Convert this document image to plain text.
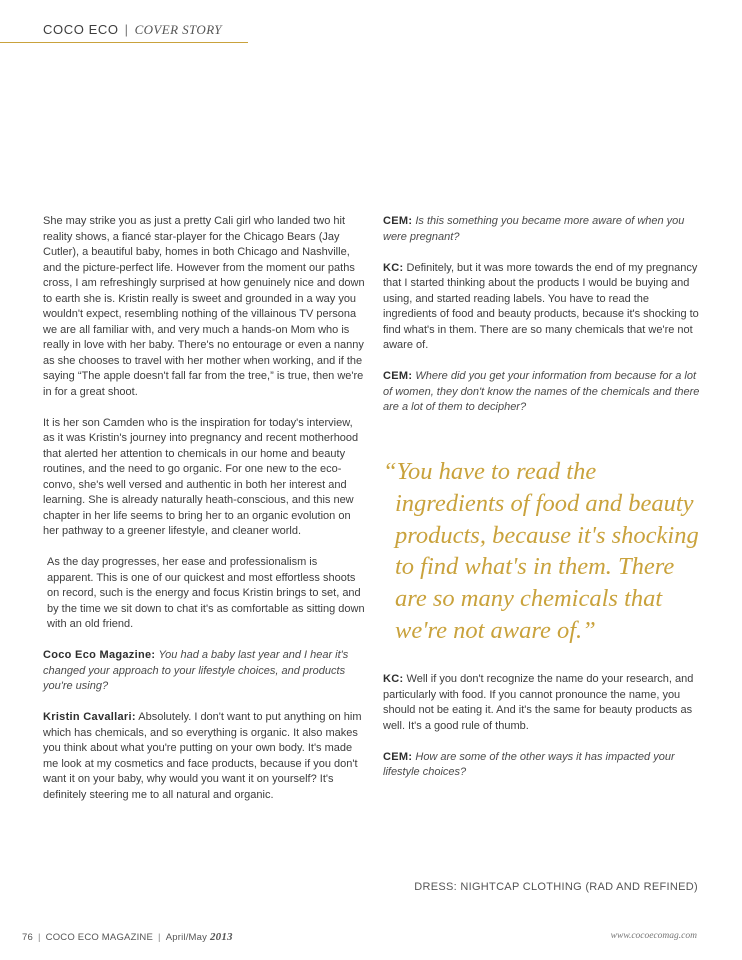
COCO ECO | COVER STORY

She may strike you as just a pretty Cali girl who landed two hit reality shows, a fiancé star-player for the Chicago Bears (Jay Cutler), a beautiful baby, homes in both Chicago and Nashville, and the picture-perfect life. However from the moment our paths cross, I am refreshingly surprised at how genuinely nice and down to earth she is. Kristin really is sweet and grounded in a way you wouldn't expect, resembling nothing of the villainous TV persona we are all familiar with, and very much a hands-on Mom who is really in love with her baby. There's no entourage or even a nanny as she chooses to travel with her mother when working, and if the saying “The apple doesn't fall far from the tree,” is true, then we're in for a great shoot.

It is her son Camden who is the inspiration for today's interview, as it was Kristin's journey into pregnancy and recent motherhood that alerted her attention to chemicals in our home and beauty routines, and the need to go organic. For one new to the eco-convo, she's well versed and authentic in both her interest and learning. She is already naturally heath-conscious, and this new chapter in her life seems to bring her to an organic evolution on her pathway to a greener lifestyle, and cleaner world.

As the day progresses, her ease and professionalism is apparent. This is one of our quickest and most effortless shoots on record, such is the energy and focus Kristin brings to set, and by the time we sit down to chat it's as comfortable as sitting down with an old friend.

Coco Eco Magazine: You had a baby last year and I hear it's changed your approach to your lifestyle choices, and products you're using?

Kristin Cavallari: Absolutely. I don't want to put anything on him which has chemicals, and so everything is organic. It also makes you think about what you're putting on your own body. It's made me look at my cosmetics and face products, because if you don't want it on your baby, why would you want it on yourself? It's definitely steering me to all natural and organic.

CEM: Is this something you became more aware of when you were pregnant?

KC: Definitely, but it was more towards the end of my pregnancy that I started thinking about the products I would be buying and using, and started reading labels. You have to read the ingredients of food and beauty products, because it's shocking to find what's in them. There are so many chemicals that we're not aware of.

CEM: Where did you get your information from because for a lot of women, they don't know the names of the chemicals and there are a lot of them to decipher?

“You have to read the
ingredients of food and beauty
products, because it's shocking
to find what's in them. There
are so many chemicals that
we're not aware of.”

KC: Well if you don't recognize the name do your research, and particularly with food. If you cannot pronounce the name, you should not be eating it. And it's the same for beauty products as well. It's a good rule of thumb.

CEM: How are some of the other ways it has impacted your lifestyle choices?

DRESS: NIGHTCAP CLOTHING (RAD AND REFINED)
76 | COCO ECO MAGAZINE | April/May 2013	www.cocoecomag.com
